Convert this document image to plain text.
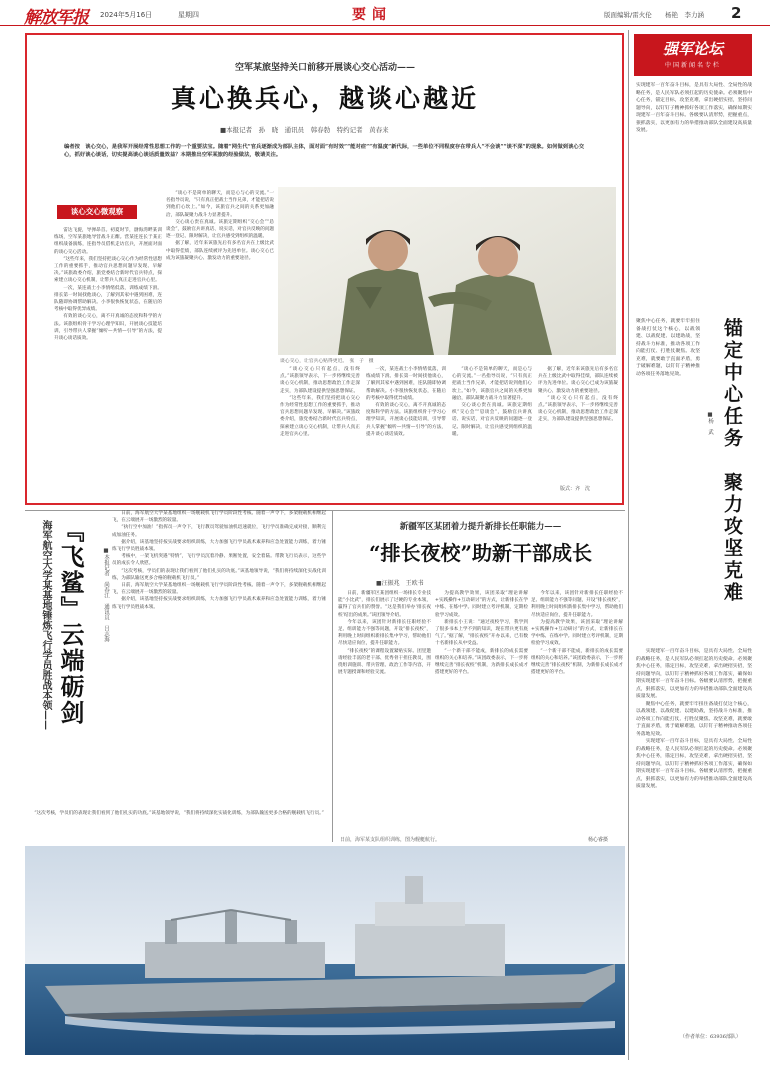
解放军报 2024年5月16日	星期四	要闻	版面编辑/雷火伦 杨艳　李力涵 2
空军某旅坚持关口前移开展谈心交心活动——
真心换兵心，越谈心越近
■本报记者　孙　晓　通讯员　韩春勃　特约记者　黄春来
编者按　谈心交心，是我军开展经常性思想工作的一个重要法宝。随着“网生代”官兵逐渐成为部队主体，面对面“有时效”“能对症”“有温度”新代际，一些单位不同程度存在带兵人“不会谈”“谈不深”的现象。如何做到谈心交心，抓好谈心谈话，切实提高谈心谈话质量效益？本期推出空军某旅的经验做法，敬请关注。
谈心交心微观察
谈心交心，让官兵心贴得更近。　张　子　摄

雷达飞旋，导弹昂首。初夏时节，渤海湾畔某训练场，空军某旅地导营战斗正酣。营某连连长于某正组织战备演练，连指导员借机走访官兵，开展面对面的谈心交心活动。

“这些年来，我们坚持把谈心交心作为经常性思想工作的重要抓手，推动官兵思想问题早发现、早解决。”该旅政委介绍，旅党委结合新时代官兵特点，探索建立谈心交心机制，让带兵人真正走进官兵心里。

一次，某连战士小李情绪低落，训练成绩下滑。排长第一时间找他谈心，了解到其家中遇到困难，连队随即协调帮助解决。小李很快恢复状态，在随后的考核中取得优异成绩。

有效的谈心交心，离不开真诚的态度和科学的方法。该旅组织骨干学习心理学知识，开展谈心技能培训，引导带兵人掌握“倾听—共情—引导”的方法，提升谈心谈话质效。

“谈心不是简单的聊天，而是心与心的交流。”一名指导员说，“只有真正把战士当作兄弟，才能把话说到他们心坎上。”如今，该旅官兵之间的关系更加融洽，部队凝聚力战斗力显著提升。

交心谈心贵在真诚。该旅定期组织“交心会”“恳谈会”，鼓励官兵讲真话、说实话，对官兵反映的问题逐一登记、限时解决，让官兵感受到组织的温暖。

据了解，近年来该旅先后有多名官兵在上级比武中取得佳绩，部队连续被评为先进单位。谈心交心已成为该旅凝聚兵心、激发动力的重要途径。

“谈心交心只有起点，没有终点。”该旅领导表示，下一步将继续完善谈心交心机制，推动思想政治工作走深走实，为部队建设提供坚强思想保证。

“这些年来，我们坚持把谈心交心作为经常性思想工作的重要抓手，推动官兵思想问题早发现、早解决。”该旅政委介绍，旅党委结合新时代官兵特点，探索建立谈心交心机制，让带兵人真正走进官兵心里。

一次，某连战士小李情绪低落，训练成绩下滑。排长第一时间找他谈心，了解到其家中遇到困难，连队随即协调帮助解决。小李很快恢复状态，在随后的考核中取得优异成绩。

有效的谈心交心，离不开真诚的态度和科学的方法。该旅组织骨干学习心理学知识，开展谈心技能培训，引导带兵人掌握“倾听—共情—引导”的方法，提升谈心谈话质效。

“谈心不是简单的聊天，而是心与心的交流。”一名指导员说，“只有真正把战士当作兄弟，才能把话说到他们心坎上。”如今，该旅官兵之间的关系更加融洽，部队凝聚力战斗力显著提升。

交心谈心贵在真诚。该旅定期组织“交心会”“恳谈会”，鼓励官兵讲真话、说实话，对官兵反映的问题逐一登记、限时解决，让官兵感受到组织的温暖。

据了解，近年来该旅先后有多名官兵在上级比武中取得佳绩，部队连续被评为先进单位。谈心交心已成为该旅凝聚兵心、激发动力的重要途径。

“谈心交心只有起点，没有终点。”该旅领导表示，下一步将继续完善谈心交心机制，推动思想政治工作走深走实，为部队建设提供坚强思想保证。

版式：齐　沈
强军论坛
中国新闻名专栏
实现建军一百年奋斗目标，是具有大局性、全局性的战略任务，是人民军队必须扛起的历史使命。必须聚焦中心任务，锚定目标，攻坚克难，拿出硬招实招，坚持问题导向，以钉钉子精神抓好各项工作落实，确保如期实现建军一百年奋斗目标。各级要认清形势，把握重点，狠抓落实，以更加有力的举措推动部队全面建设高质量发展。
锚定中心任务　聚力攻坚克难
■杨　武
聚焦中心任务，就要牢牢扭住备战打仗这个核心，以战领建、以战促建、以建助战，坚持战斗力标准，推动各项工作向能打仗、打胜仗聚焦。攻坚克难，就要敢于直面矛盾，勇于破解难题，以钉钉子精神推动各项任务落地见效。

实现建军一百年奋斗目标，是具有大局性、全局性的战略任务，是人民军队必须扛起的历史使命。必须聚焦中心任务，锚定目标，攻坚克难，拿出硬招实招，坚持问题导向，以钉钉子精神抓好各项工作落实，确保如期实现建军一百年奋斗目标。各级要认清形势，把握重点，狠抓落实，以更加有力的举措推动部队全面建设高质量发展。

聚焦中心任务，就要牢牢扭住备战打仗这个核心，以战领建、以战促建、以建助战，坚持战斗力标准，推动各项工作向能打仗、打胜仗聚焦。攻坚克难，就要敢于直面矛盾，勇于破解难题，以钉钉子精神推动各项任务落地见效。

实现建军一百年奋斗目标，是具有大局性、全局性的战略任务，是人民军队必须扛起的历史使命。必须聚焦中心任务，锚定目标，攻坚克难，拿出硬招实招，坚持问题导向，以钉钉子精神抓好各项工作落实，确保如期实现建军一百年奋斗目标。各级要认清形势，把握重点，狠抓落实，以更加有力的举措推动部队全面建设高质量发展。

（作者单位：63936部队）
『飞鲨』云端砺剑
海军航空大学某基地锤炼飞行学员胜战本领——	■本报记者　尚春江　通讯员　吕志海

日前，海军航空大学某基地组织一场舰载机飞行学员阶段性考核。随着一声令下，多架舰载机相继起飞，在云端展开一场激烈的较量。

“执行空中加油！”指挥员一声令下，飞行教员驾驶加油机迅速就位，飞行学员准确完成对接，顺利完成加油任务。

据介绍，该基地坚持按实战要求组织训练，大力加强飞行学员战术素养和应急处置能力训练，着力锤炼飞行学员胜战本领。

考核中，一架飞机突遇“特情”，飞行学员沉着冷静、果断处置，安全着陆。带教飞行员表示，这些学员的成长令人欣慰。

“这次考核，学员们的表现让我们看到了他们扎实的功底。”该基地领导说，“我们将持续深化实战化训练，为部队输送更多合格的舰载机飞行员。”

日前，海军航空大学某基地组织一场舰载机飞行学员阶段性考核。随着一声令下，多架舰载机相继起飞，在云端展开一场激烈的较量。

据介绍，该基地坚持按实战要求组织训练，大力加强飞行学员战术素养和应急处置能力训练，着力锤炼飞行学员胜战本领。

“这次考核，学员们的表现让我们看到了他们扎实的功底。”该基地领导说，“我们将持续深化实战化训练，为部队输送更多合格的舰载机飞行员。”

新疆军区某团着力提升新排长任职能力——
“排长夜校”助新干部成长
■汪振兆　王欧书

日前，新疆军区某团组织一场排长专业技能“小比武”，排长们展示了过硬的专业本领，赢得了官兵们的赞誉。“这是我们举办‘排长夜校’结出的成果。”该团领导介绍。

今年以来，该团针对新排长任职经验不足、组训能力不强等问题，开设“排长夜校”，利用晚上时间组织新排长集中学习，帮助他们尽快适应岗位，提升任职能力。

“排长夜校”的课程设置紧贴实际。团里邀请经验丰富的老干部、优秀骨干担任教员，围绕组训施训、带兵管理、政治工作等内容，开展专题授课和经验交流。

为提高教学效果，该团采取“理论讲解+实践操作+互动研讨”的方式，让新排长在学中练、在练中学。同时建立考评机制，定期检验学习成效。

新排长小王说：“通过夜校学习，我学到了很多书本上学不到的知识，现在带兵更有底气了。”据了解，“排长夜校”开办以来，已有数十名新排长从中受益。

“一个新干部不能成，新排长的成长需要组织的关心和培养。”该团政委表示，下一步将继续完善“排长夜校”机制，为新排长成长成才搭建更好的平台。

今年以来，该团针对新排长任职经验不足、组训能力不强等问题，开设“排长夜校”，利用晚上时间组织新排长集中学习，帮助他们尽快适应岗位，提升任职能力。

为提高教学效果，该团采取“理论讲解+实践操作+互动研讨”的方式，让新排长在学中练、在练中学。同时建立考评机制，定期检验学习成效。

“一个新干部不能成，新排长的成长需要组织的关心和培养。”该团政委表示，下一步将继续完善“排长夜校”机制，为新排长成长成才搭建更好的平台。

日前，海军某支队组织训练，图为舰艇航行。	杨心睿摄
